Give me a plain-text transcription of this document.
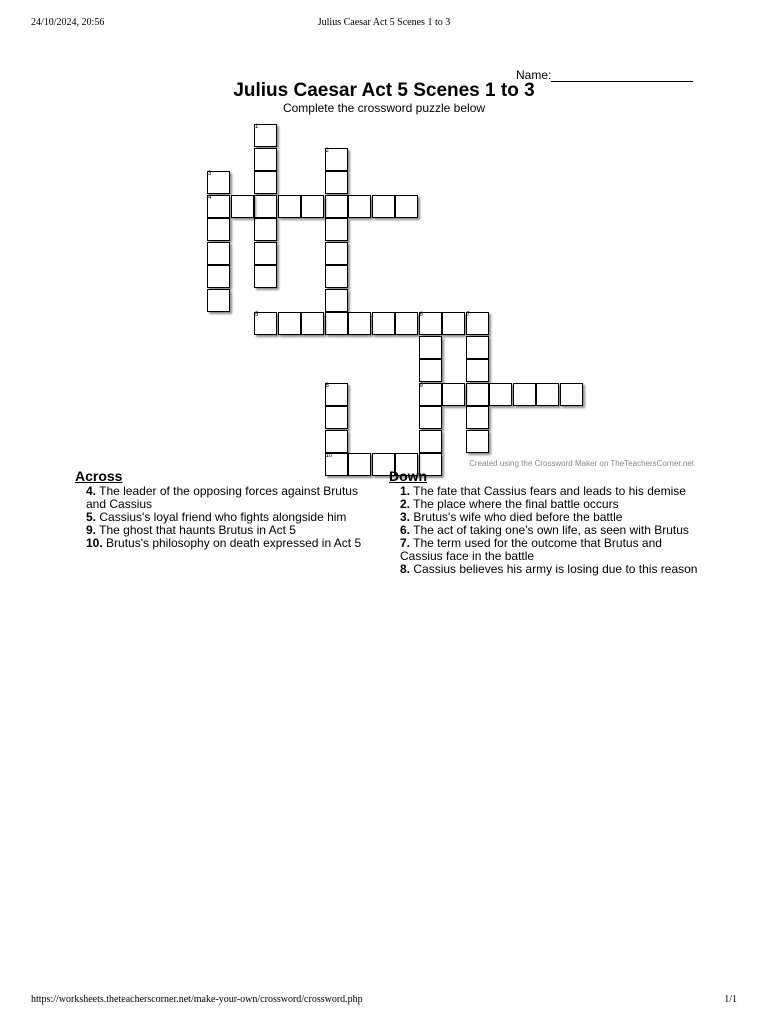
24/10/2024, 20:56	Julius Caesar Act 5 Scenes 1 to 3
Name:
Julius Caesar Act 5 Scenes 1 to 3
Complete the crossword puzzle below
1
2
3
4
5	6	7
8	9
10
Created using the Crossword Maker on TheTeachersCorner.net
Across
4. The leader of the opposing forces against Brutus and Cassius
5. Cassius's loyal friend who fights alongside him
9. The ghost that haunts Brutus in Act 5
10. Brutus's philosophy on death expressed in Act 5
Down
1. The fate that Cassius fears and leads to his demise
2. The place where the final battle occurs
3. Brutus's wife who died before the battle
6. The act of taking one's own life, as seen with Brutus
7. The term used for the outcome that Brutus and Cassius face in the battle
8. Cassius believes his army is losing due to this reason
https://worksheets.theteacherscorner.net/make-your-own/crossword/crossword.php	1/1
